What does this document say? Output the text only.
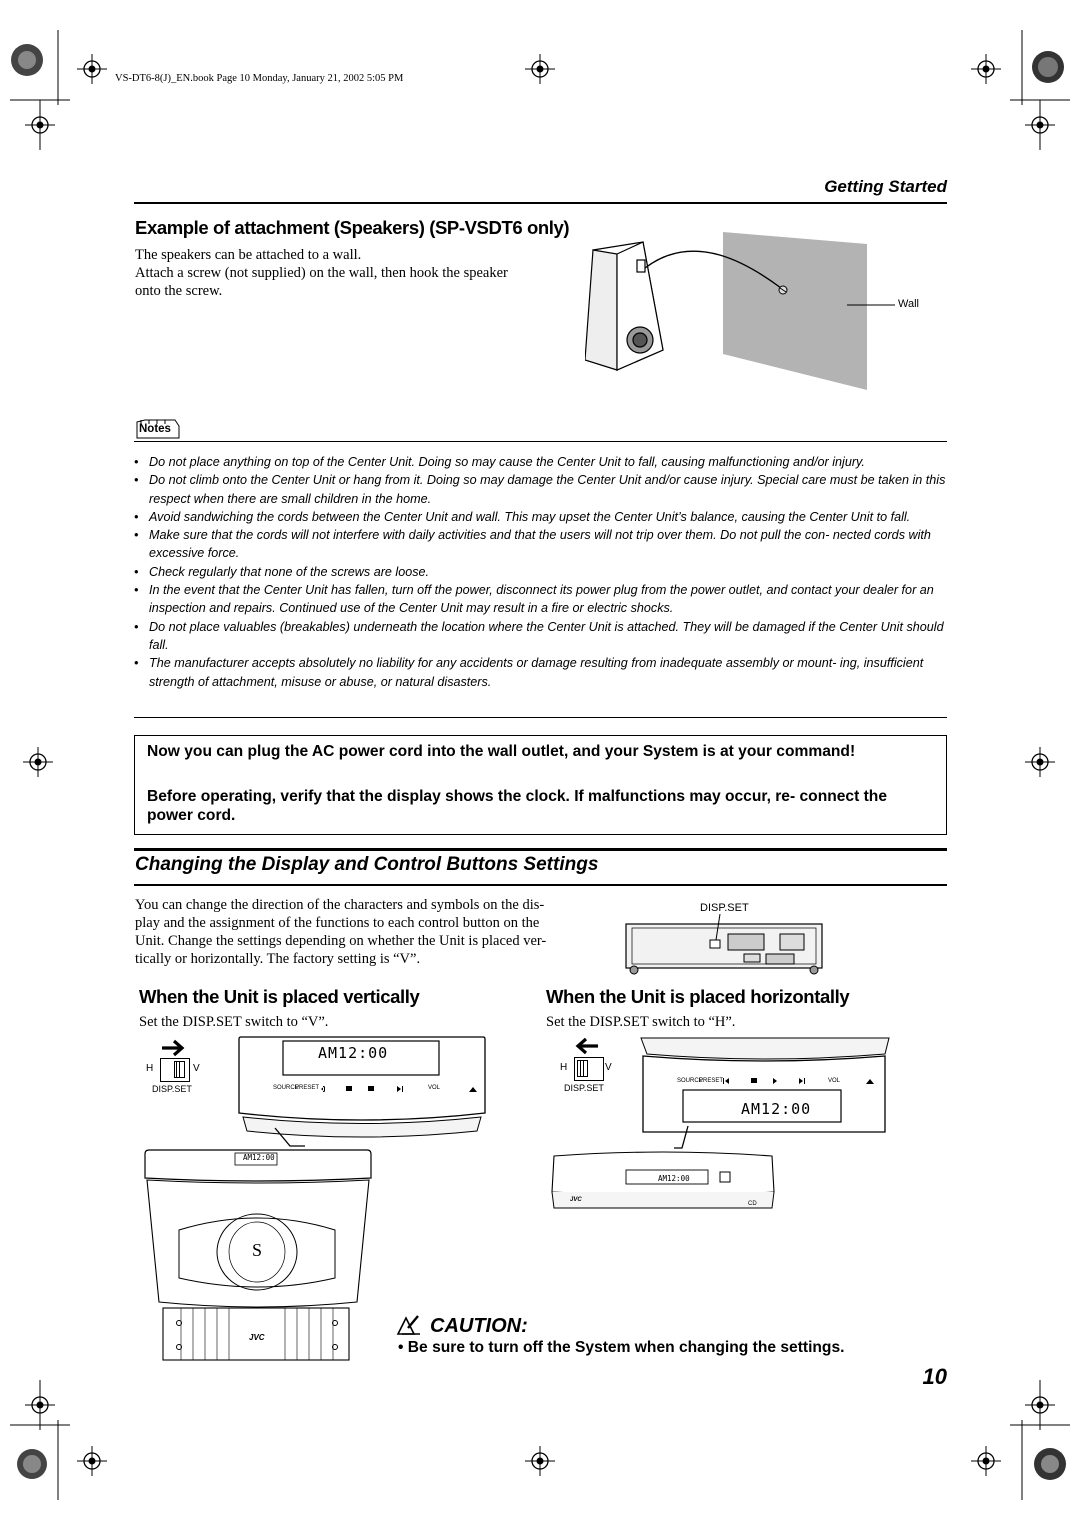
VS-DT6-8(J)_EN.book Page 10 Monday, January 21, 2002 5:05 PM
Getting Started
Example of attachment (Speakers) (SP-VSDT6 only)
The speakers can be attached to a wall.
Attach a screw (not supplied) on the wall, then hook the speaker
onto the screw.
Wall
Notes
• Do not place anything on top of the Center Unit. Doing so may cause the Center Unit to fall, causing malfunctioning and/or injury.
• Do not climb onto the Center Unit or hang from it. Doing so may damage the Center Unit and/or cause injury. Special care must be taken in this respect when there are small children in the home.
• Avoid sandwiching the cords between the Center Unit and wall. This may upset the Center Unit’s balance, causing the Center Unit to fall.
• Make sure that the cords will not interfere with daily activities and that the users will not trip over them. Do not pull the con- nected cords with excessive force.
• Check regularly that none of the screws are loose.
• In the event that the Center Unit has fallen, turn off the power, disconnect its power plug from the power outlet, and contact your dealer for an inspection and repairs. Continued use of the Center Unit may result in a fire or electric shocks.
• Do not place valuables (breakables) underneath the location where the Center Unit is attached. They will be damaged if the Center Unit should fall.
• The manufacturer accepts absolutely no liability for any accidents or damage resulting from inadequate assembly or mount- ing, insufficient strength of attachment, misuse or abuse, or natural disasters.

Now you can plug the AC power cord into the wall outlet, and your System is at your command!

Before operating, verify that the display shows the clock. If malfunctions may occur, re- connect the power cord.

Changing the Display and Control Buttons Settings
You can change the direction of the characters and symbols on the dis-
play and the assignment of the functions to each control button on the
Unit. Change the settings depending on whether the Unit is placed ver-
tically or horizontally. The factory setting is “V”.
DISP.SET
When the Unit is placed vertically	When the Unit is placed horizontally
Set the DISP.SET switch to “V”.	Set the DISP.SET switch to “H”.
H	V
DISP.SET
AM12:00
SOURCE
PRESET	VOL
S
AM12:00
JVC
H	V
DISP.SET
AM12:00
SOURCE
PRESET	VOL
CD
AM12:00
JVC
CAUTION:
• Be sure to turn off the System when changing the settings.
10
